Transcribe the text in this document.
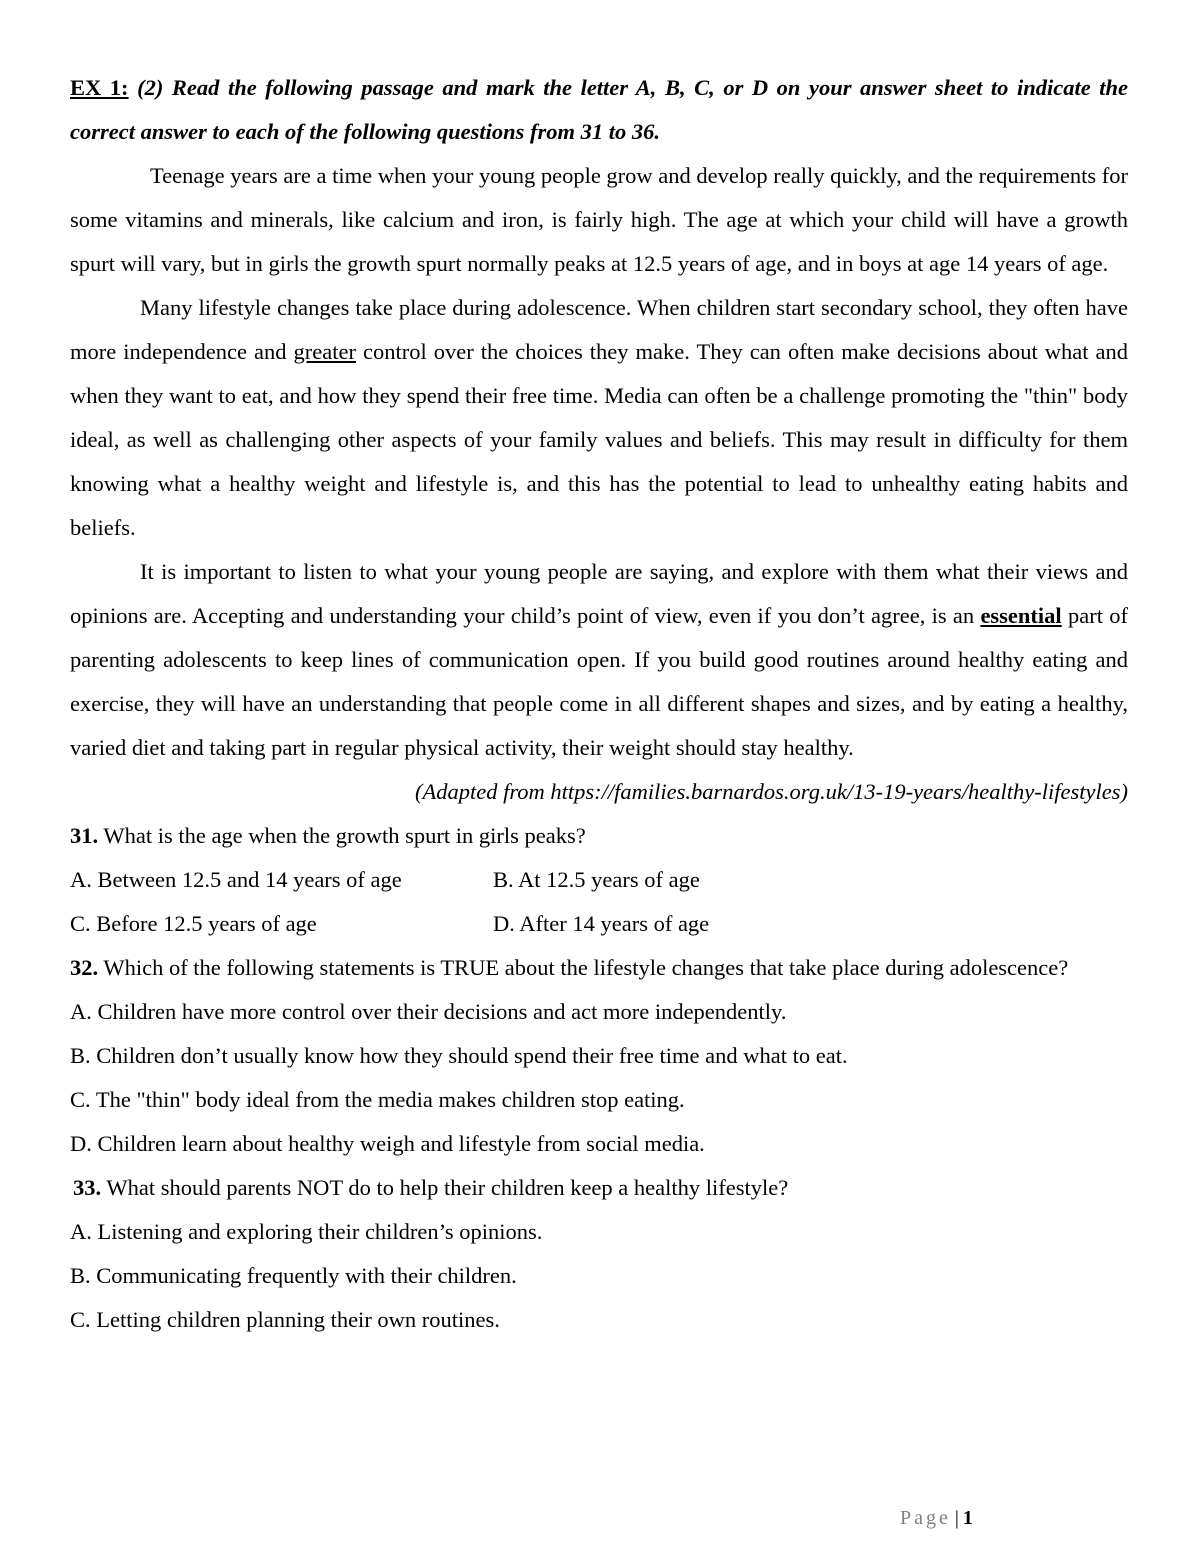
EX 1: (2) Read the following passage and mark the letter A, B, C, or D on your answer sheet to indicate the correct answer to each of the following questions from 31 to 36.

Teenage years are a time when your young people grow and develop really quickly, and the requirements for some vitamins and minerals, like calcium and iron, is fairly high. The age at which your child will have a growth spurt will vary, but in girls the growth spurt normally peaks at 12.5 years of age, and in boys at age 14 years of age.

Many lifestyle changes take place during adolescence. When children start secondary school, they often have more independence and greater control over the choices they make. They can often make decisions about what and when they want to eat, and how they spend their free time. Media can often be a challenge promoting the "thin" body ideal, as well as challenging other aspects of your family values and beliefs. This may result in difficulty for them knowing what a healthy weight and lifestyle is, and this has the potential to lead to unhealthy eating habits and beliefs.

It is important to listen to what your young people are saying, and explore with them what their views and opinions are. Accepting and understanding your child’s point of view, even if you don’t agree, is an essential part of parenting adolescents to keep lines of communication open. If you build good routines around healthy eating and exercise, they will have an understanding that people come in all different shapes and sizes, and by eating a healthy, varied diet and taking part in regular physical activity, their weight should stay healthy.

(Adapted from https://families.barnardos.org.uk/13-19-years/healthy-lifestyles)

31. What is the age when the growth spurt in girls peaks?

A. Between 12.5 and 14 years of age	B. At 12.5 years of age
C. Before 12.5 years of age	D. After 14 years of age

32. Which of the following statements is TRUE about the lifestyle changes that take place during adolescence?

A. Children have more control over their decisions and act more independently.

B. Children don’t usually know how they should spend their free time and what to eat.

C. The "thin" body ideal from the media makes children stop eating.

D. Children learn about healthy weigh and lifestyle from social media.

33. What should parents NOT do to help their children keep a healthy lifestyle?

A. Listening and exploring their children’s opinions.

B. Communicating frequently with their children.

C. Letting children planning their own routines.

Page | 1
